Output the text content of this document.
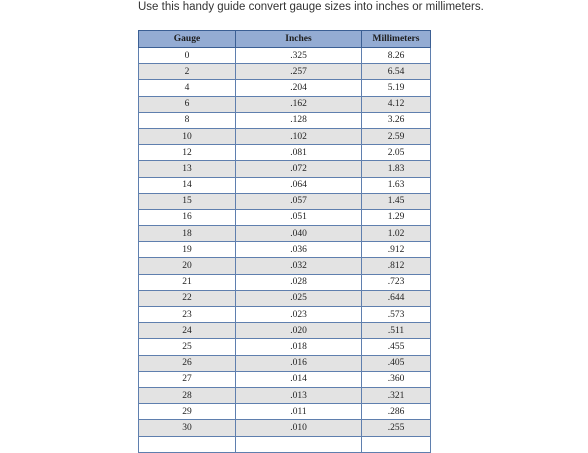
Use this handy guide convert gauge sizes into inches or millimeters.

Gauge	Inches	Millimeters
0	.325	8.26
2	.257	6.54
4	.204	5.19
6	.162	4.12
8	.128	3.26
10	.102	2.59
12	.081	2.05
13	.072	1.83
14	.064	1.63
15	.057	1.45
16	.051	1.29
18	.040	1.02
19	.036	.912
20	.032	.812
21	.028	.723
22	.025	.644
23	.023	.573
24	.020	.511
25	.018	.455
26	.016	.405
27	.014	.360
28	.013	.321
29	.011	.286
30	.010	.255
